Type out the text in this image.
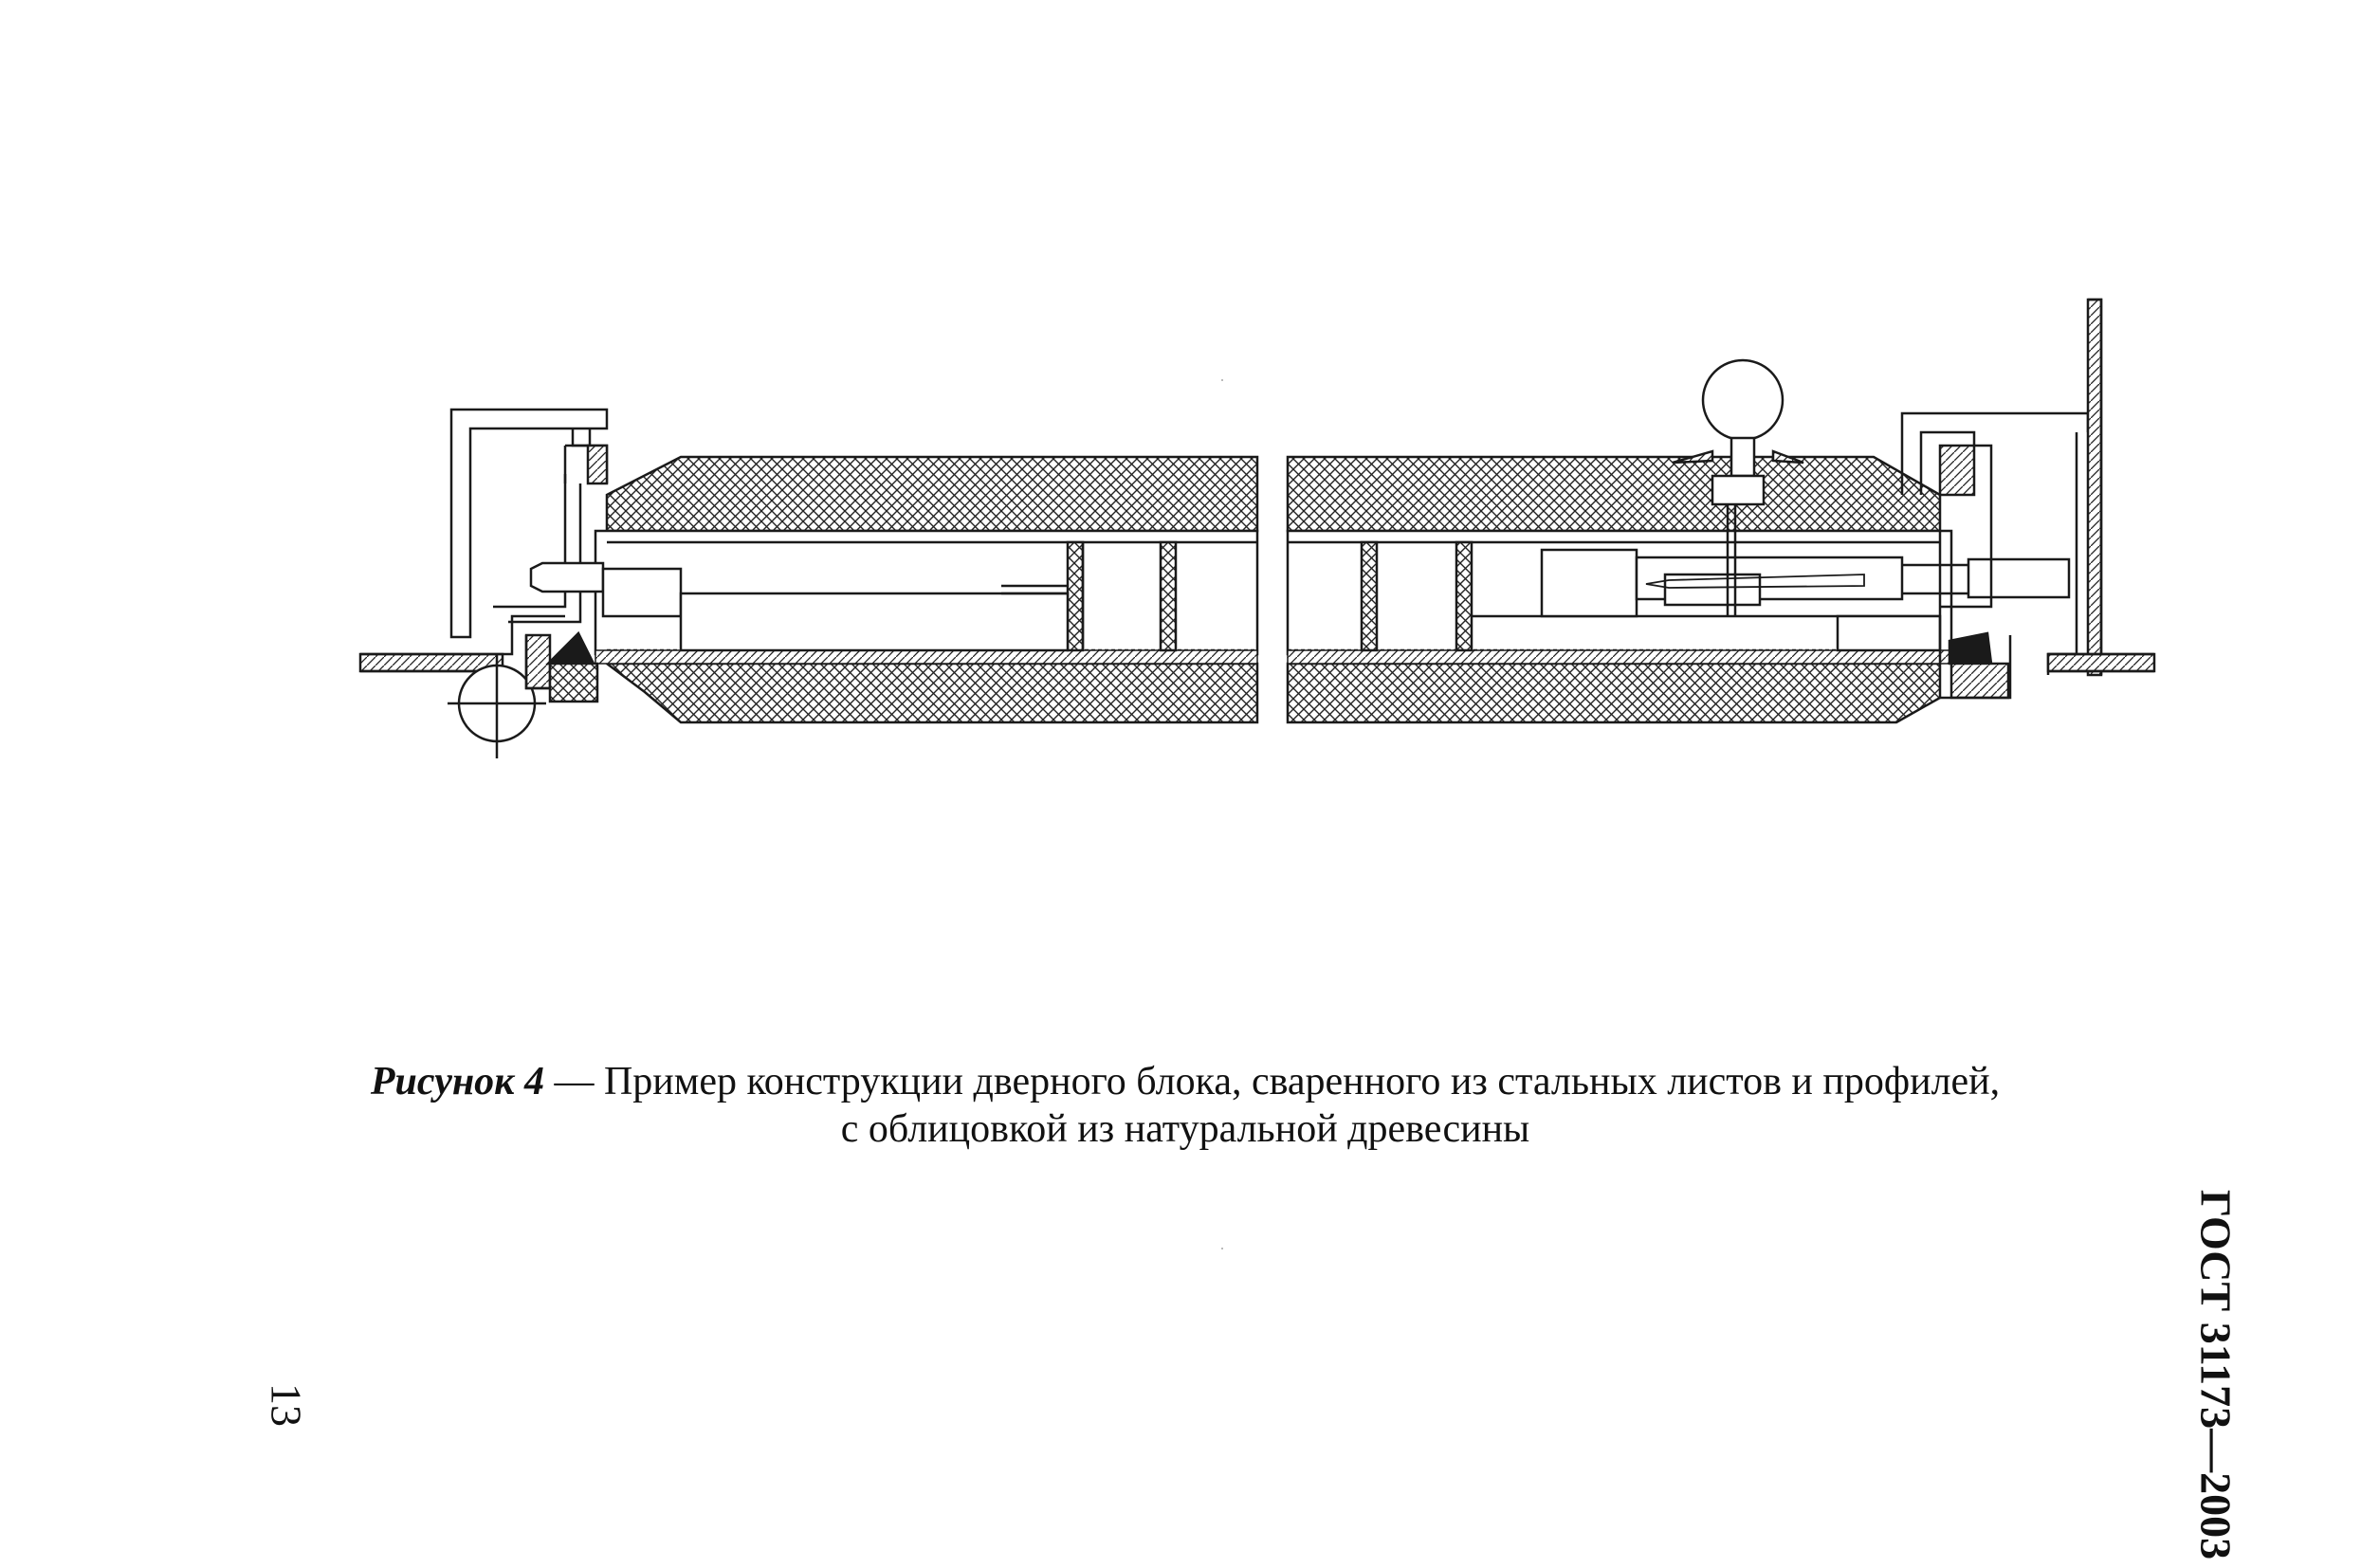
Рисунок 4 — Пример конструкции дверного блока, сваренного из стальных листов и профилей,
с облицовкой из натуральной древесины
ГОСТ 31173—2003
13
